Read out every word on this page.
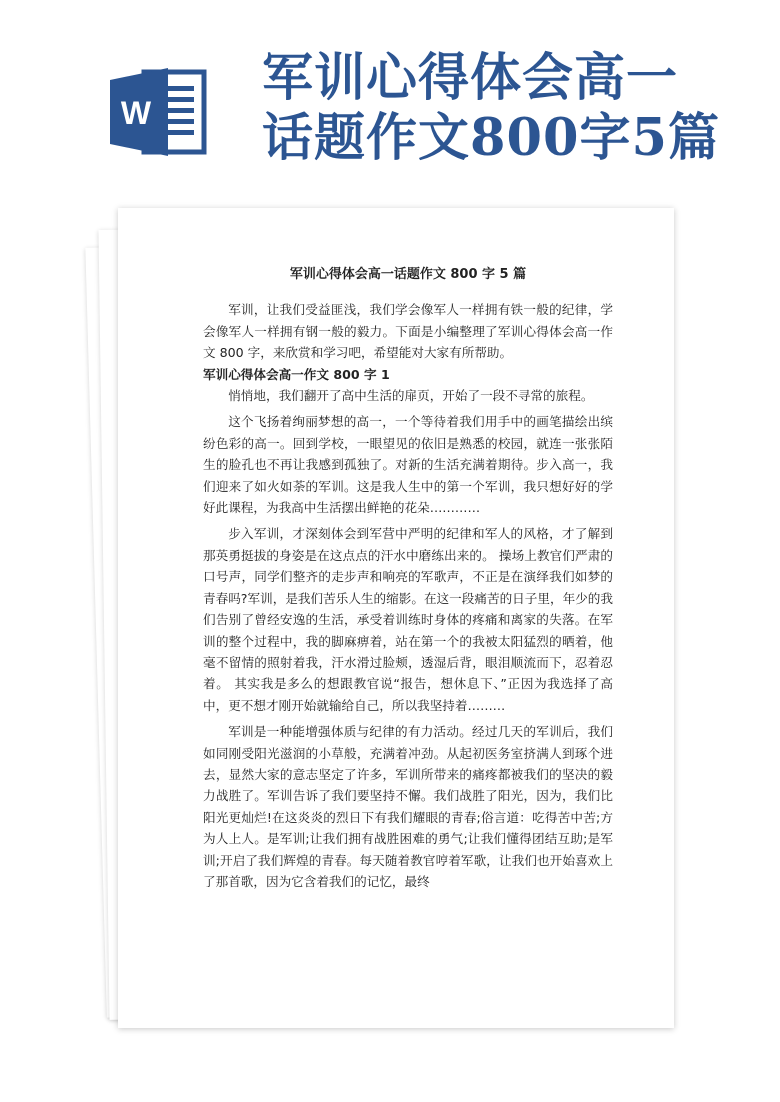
W
军训心得体会高一
话题作文800字5篇
军训心得体会高一话题作文 800 字 5 篇

军训，让我们受益匪浅，我们学会像军人一样拥有铁一般的纪律，学会像军人一样拥有钢一般的毅力。下面是小编整理了军训心得体会高一作文 800 字，来欣赏和学习吧，希望能对大家有所帮助。

军训心得体会高一作文 800 字 1

悄悄地，我们翻开了高中生活的扉页，开始了一段不寻常的旅程。

这个飞扬着绚丽梦想的高一，一个等待着我们用手中的画笔描绘出缤纷色彩的高一。回到学校，一眼望见的依旧是熟悉的校园，就连一张张陌生的脸孔也不再让我感到孤独了。对新的生活充满着期待。步入高一，我们迎来了如火如荼的军训。这是我人生中的第一个军训，我只想好好的学好此课程，为我高中生活摆出鲜艳的花朵…………

步入军训，才深刻体会到军营中严明的纪律和军人的风格，才了解到那英勇挺拔的身姿是在这点点的汗水中磨练出来的。 操场上教官们严肃的口号声，同学们整齐的走步声和响亮的军歌声，不正是在演绎我们如梦的青春吗?军训，是我们苦乐人生的缩影。在这一段痛苦的日子里，年少的我们告别了曾经安逸的生活，承受着训练时身体的疼痛和离家的失落。在军训的整个过程中，我的脚麻痹着，站在第一个的我被太阳猛烈的晒着，他毫不留情的照射着我，汗水滑过脸颊，透湿后背，眼泪顺流而下，忍着忍着。 其实我是多么的想跟教官说“报告，想休息下、”正因为我选择了高中，更不想才刚开始就输给自己，所以我坚持着………

军训是一种能增强体质与纪律的有力活动。经过几天的军训后，我们如同刚受阳光滋润的小草般，充满着冲劲。从起初医务室挤满人到琢个进去，显然大家的意志坚定了许多，军训所带来的痛疼都被我们的坚决的毅力战胜了。军训告诉了我们要坚持不懈。我们战胜了阳光，因为，我们比阳光更灿烂!在这炎炎的烈日下有我们耀眼的青春;俗言道：吃得苦中苦;方为人上人。是军训;让我们拥有战胜困难的勇气;让我们懂得团结互助;是军训;开启了我们辉煌的青春。每天随着教官哼着军歌，让我们也开始喜欢上了那首歌，因为它含着我们的记忆，最终
